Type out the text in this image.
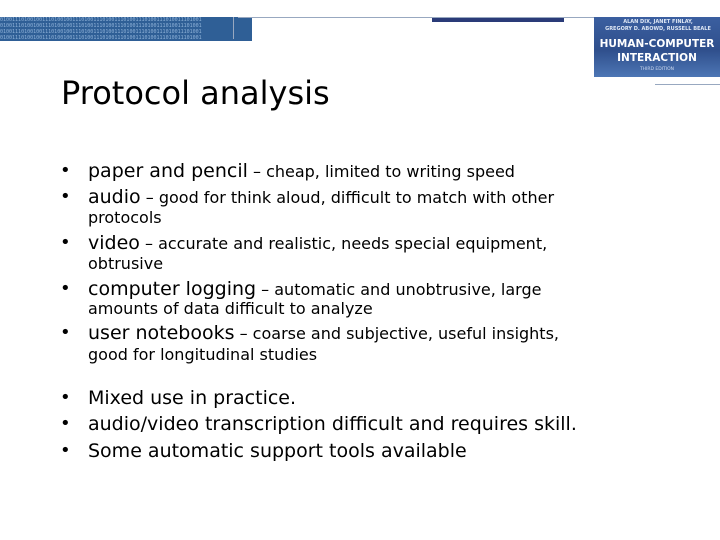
0100111010010011101001001110100111010011101001110100111010011101001
0100111010010011101001001110100111010011101001110100111010011101001
0100111010010011101001001110100111010011101001110100111010011101001
0100111010010011101001001110100111010011101001110100111010011101001
ALAN DIX, JANET FINLAY,
GREGORY D. ABOWD, RUSSELL BEALE
HUMAN-COMPUTER
INTERACTION
THIRD EDITION
Protocol analysis
• paper and pencil – cheap, limited to writing speed
• audio – good for think aloud, difficult to match with other
protocols
• video – accurate and realistic, needs special equipment,
obtrusive
• computer logging – automatic and unobtrusive, large
amounts of data difficult to analyze
• user notebooks – coarse and subjective, useful insights,
good for longitudinal studies
• Mixed use in practice.
• audio/video transcription difficult and requires skill.
• Some automatic support tools available
